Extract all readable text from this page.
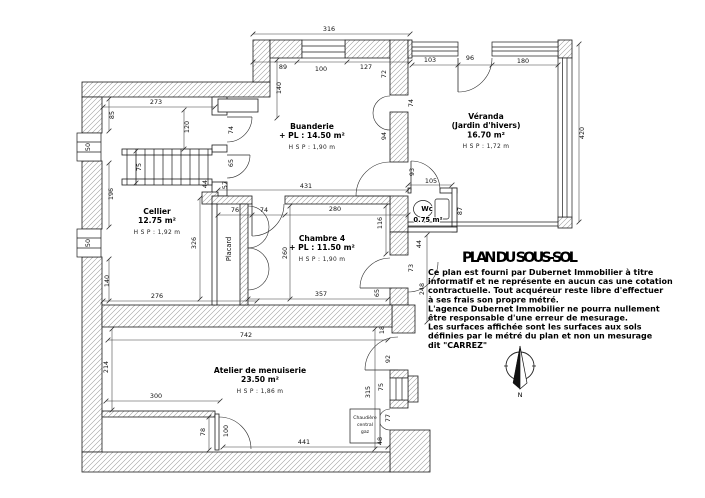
Wc
0.75 m²
Placard
Chaudière
central
gaz
N
PLAN DU SOUS-SOL
Ce plan est fourni par Dubernet Immobilier à titre
informatif et ne représente en aucun cas une cotation
contractuelle. Tout acquéreur reste libre d'effectuer
à ses frais son propre métré.
L'agence Dubernet Immobilier ne pourra nullement
être responsable d'une erreur de mesurage.
Les surfaces affichée sont les surfaces aux sols
définies par le métré du plan et non un mesurage
dit "CARREZ"
316
89	100	127
72
140
103	96	180
420
273
85
120
50
75
196
50
140
276
326
44 57
74
65
431
76	74	280
116
260
357	65
94
74
93
105
87
44
73
248
742
214
300
78 100
441
315
18
92
75
77
48
Cellier
12.75 m²
H S P : 1,92 m
Buanderie
+ PL : 14.50 m²
H S P : 1,90 m
Véranda
(Jardin d'hivers)
16.70 m²
H S P : 1,72 m
Chambre 4
+ PL : 11.50 m²
H S P : 1,90 m
Atelier de menuiserie
23.50 m²
H S P : 1,86 m
